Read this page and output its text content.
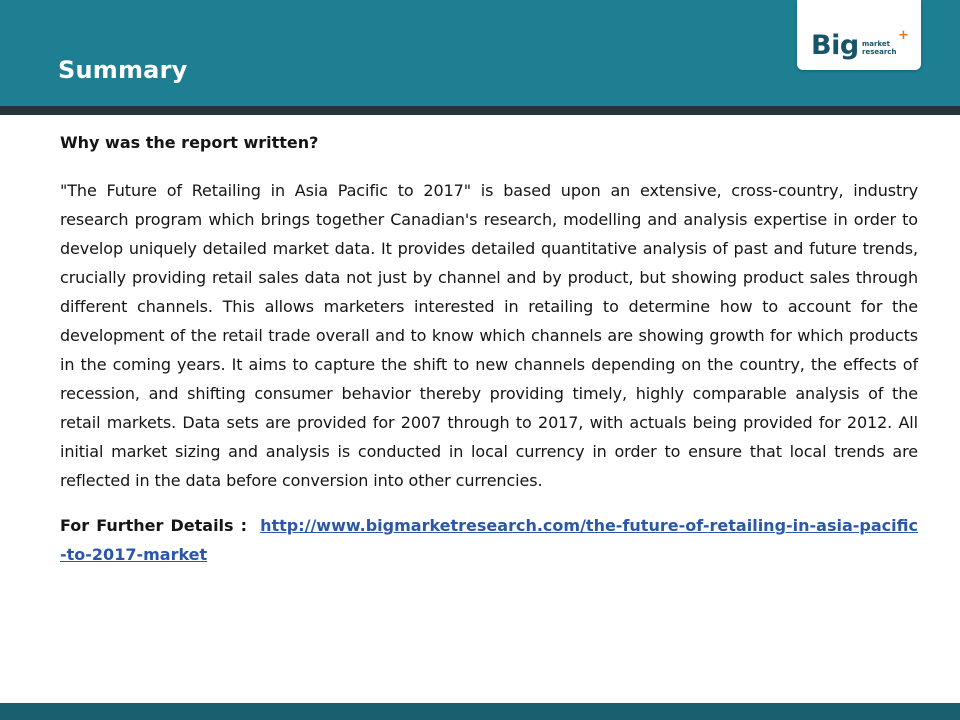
Summary
Big market
research
+

Why was the report written?

"The Future of Retailing in Asia Pacific to 2017" is based upon an extensive, cross-country, industry research program which brings together Canadian's research, modelling and analysis expertise in order to develop uniquely detailed market data. It provides detailed quantitative analysis of past and future trends, crucially providing retail sales data not just by channel and by product, but showing product sales through different channels. This allows marketers interested in retailing to determine how to account for the development of the retail trade overall and to know which channels are showing growth for which products in the coming years. It aims to capture the shift to new channels depending on the country, the effects of recession, and shifting consumer behavior thereby providing timely, highly comparable analysis of the retail markets. Data sets are provided for 2007 through to 2017, with actuals being provided for 2012. All initial market sizing and analysis is conducted in local currency in order to ensure that local trends are reflected in the data before conversion into other currencies.

For Further Details : http://www.bigmarketresearch.com/the-future-of-retailing-in-asia-pacific-to-2017-market
